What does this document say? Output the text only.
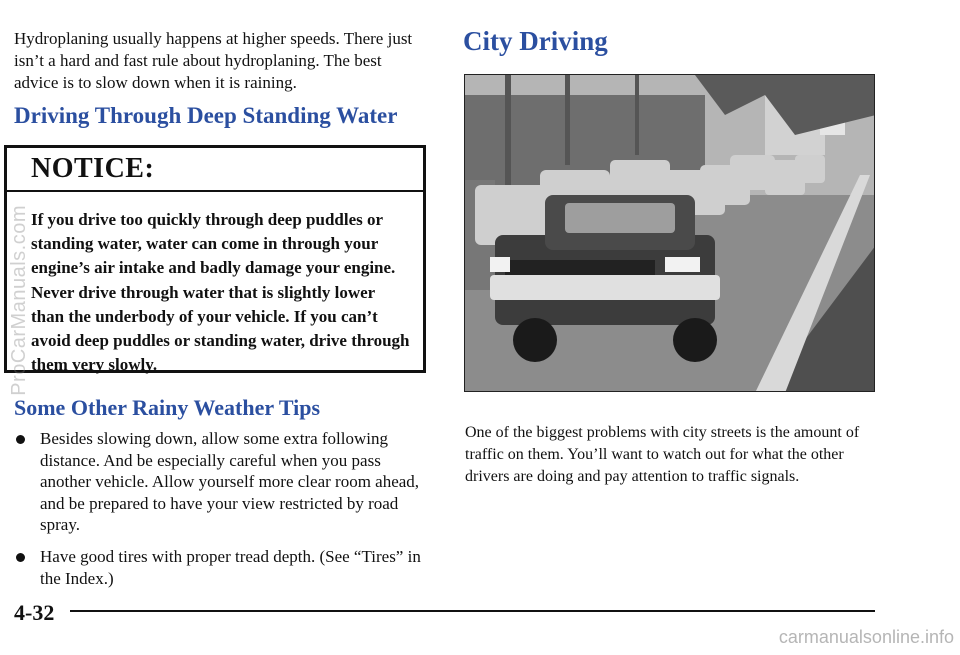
Hydroplaning usually happens at higher speeds. There just isn’t a hard and fast rule about hydroplaning. The best advice is to slow down when it is raining.

Driving Through Deep Standing Water
NOTICE:

If you drive too quickly through deep puddles or standing water, water can come in through your engine’s air intake and badly damage your engine. Never drive through water that is slightly lower than the underbody of your vehicle. If you can’t avoid deep puddles or standing water, drive through them very slowly.

Some Other Rainy Weather Tips
Besides slowing down, allow some extra following distance. And be especially careful when you pass another vehicle. Allow yourself more clear room ahead, and be prepared to have your view restricted by road spray.
Have good tires with proper tread depth. (See “Tires” in the Index.)
City Driving

One of the biggest problems with city streets is the amount of traffic on them. You’ll want to watch out for what the other drivers are doing and pay attention to traffic signals.

4-32
ProCarManuals.com
carmanualsonline.info
